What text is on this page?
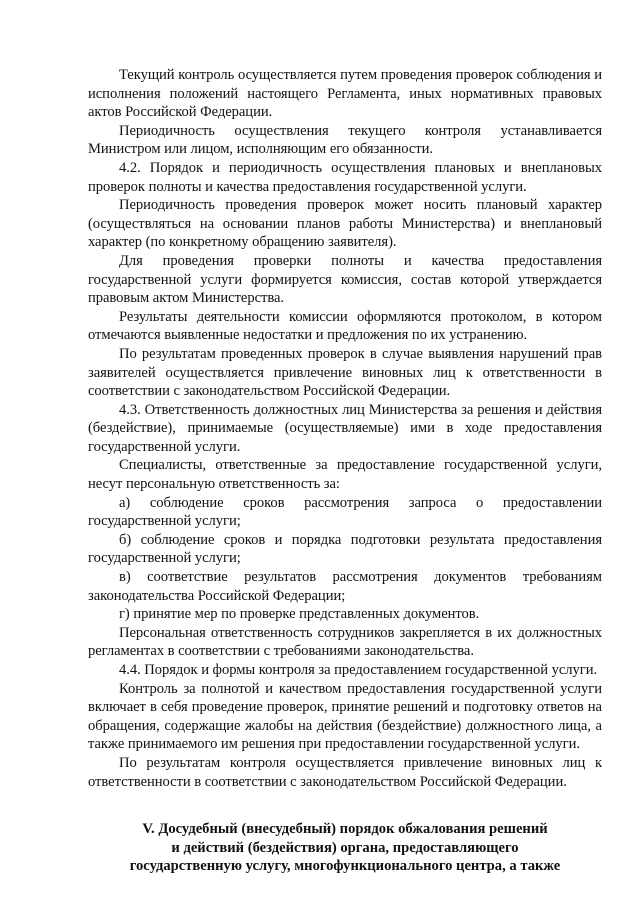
Текущий контроль осуществляется путем проведения проверок соблюдения и исполнения положений настоящего Регламента, иных нормативных правовых актов Российской Федерации.

Периодичность осуществления текущего контроля устанавливается Министром или лицом, исполняющим его обязанности.

4.2. Порядок и периодичность осуществления плановых и внеплановых проверок полноты и качества предоставления государственной услуги.

Периодичность проведения проверок может носить плановый характер (осуществляться на основании планов работы Министерства) и внеплановый характер (по конкретному обращению заявителя).

Для проведения проверки полноты и качества предоставления государственной услуги формируется комиссия, состав которой утверждается правовым актом Министерства.

Результаты деятельности комиссии оформляются протоколом, в котором отмечаются выявленные недостатки и предложения по их устранению.

По результатам проведенных проверок в случае выявления нарушений прав заявителей осуществляется привлечение виновных лиц к ответственности в соответствии с законодательством Российской Федерации.

4.3. Ответственность должностных лиц Министерства за решения и действия (бездействие), принимаемые (осуществляемые) ими в ходе предоставления государственной услуги.

Специалисты, ответственные за предоставление государственной услуги, несут персональную ответственность за:

а) соблюдение сроков рассмотрения запроса о предоставлении государственной услуги;

б) соблюдение сроков и порядка подготовки результата предоставления государственной услуги;

в) соответствие результатов рассмотрения документов требованиям законодательства Российской Федерации;

г) принятие мер по проверке представленных документов.

Персональная ответственность сотрудников закрепляется в их должностных регламентах в соответствии с требованиями законодательства.

4.4. Порядок и формы контроля за предоставлением государственной услуги.

Контроль за полнотой и качеством предоставления государственной услуги включает в себя проведение проверок, принятие решений и подготовку ответов на обращения, содержащие жалобы на действия (бездействие) должностного лица, а также принимаемого им решения при предоставлении государственной услуги.

По результатам контроля осуществляется привлечение виновных лиц к ответственности в соответствии с законодательством Российской Федерации.

V. Досудебный (внесудебный) порядок обжалования решений
и действий (бездействия) органа, предоставляющего
государственную услугу, многофункционального центра, а также
